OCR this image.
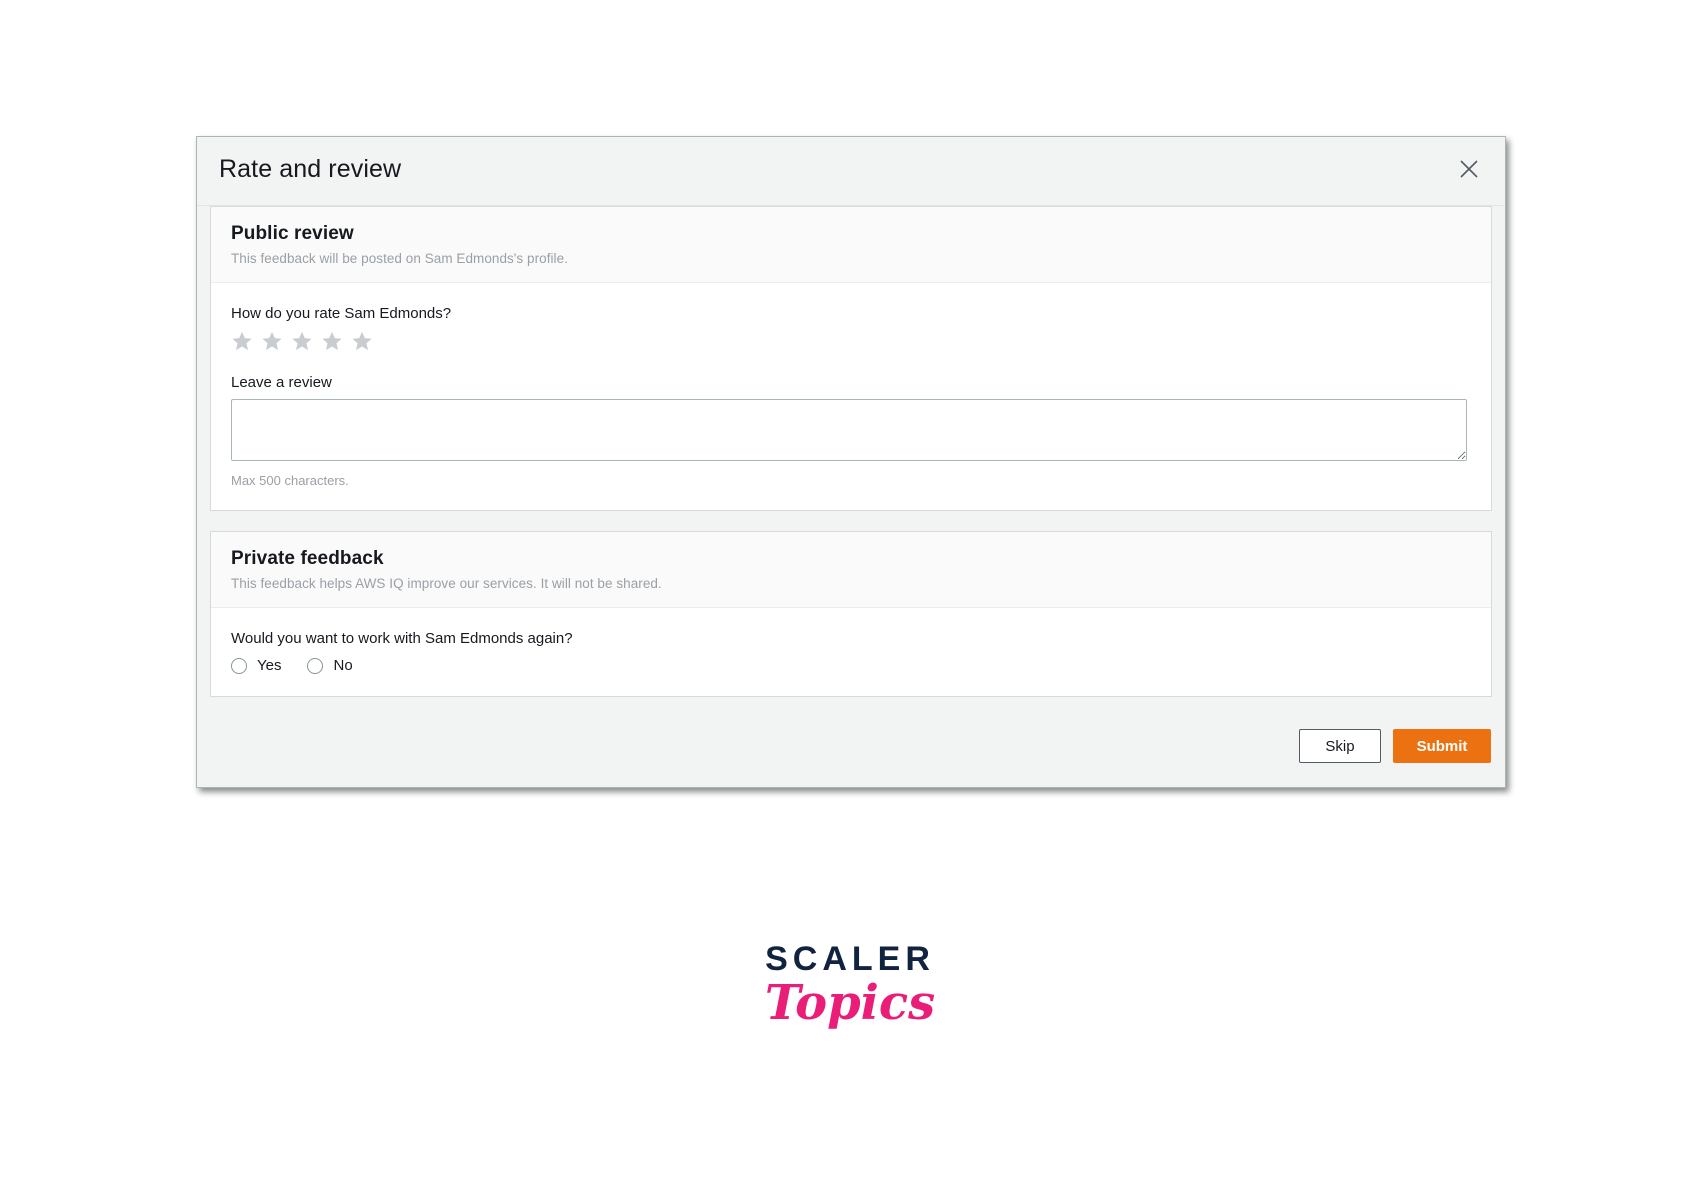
Rate and review

Public review

This feedback will be posted on Sam Edmonds's profile.

How do you rate Sam Edmonds?

Leave a review

Max 500 characters.

Private feedback

This feedback helps AWS IQ improve our services. It will not be shared.

Would you want to work with Sam Edmonds again?

Yes	No
Skip	Submit
SCALER
Topics
